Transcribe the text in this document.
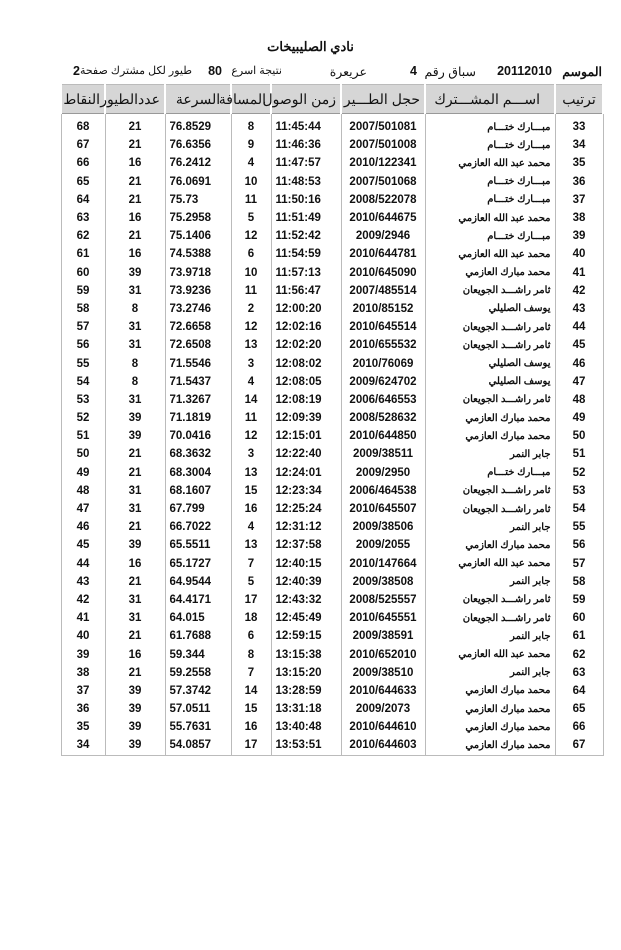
نادي الصليبيخات
الموسم
20112010
سباق رقم
4
عريعرة
نتيجة اسرع
80
طيور لكل مشترك صفحة
2
ترتيب	اســـم المشـــترك	حجل الطـــير	زمن الوصول	المسافة	السرعة	عددالطيور	النقاط
33	مبـــارك ختـــام	2007/501081	11:45:44	8	76.8529	21	68
34	مبـــارك ختـــام	2007/501008	11:46:36	9	76.6356	21	67
35	محمد عبد الله العازمي	2010/122341	11:47:57	4	76.2412	16	66
36	مبـــارك ختـــام	2007/501068	11:48:53	10	76.0691	21	65
37	مبـــارك ختـــام	2008/522078	11:50:16	11	75.73	21	64
38	محمد عبد الله العازمي	2010/644675	11:51:49	5	75.2958	16	63
39	مبـــارك ختـــام	2009/2946	11:52:42	12	75.1406	21	62
40	محمد عبد الله العازمي	2010/644781	11:54:59	6	74.5388	16	61
41	محمد مبارك العازمي	2010/645090	11:57:13	10	73.9718	39	60
42	ثامر راشـــد الجويعان	2007/485514	11:56:47	11	73.9236	31	59
43	يوسف الصليلي	2010/85152	12:00:20	2	73.2746	8	58
44	ثامر راشـــد الجويعان	2010/645514	12:02:16	12	72.6658	31	57
45	ثامر راشـــد الجويعان	2010/655532	12:02:20	13	72.6508	31	56
46	يوسف الصليلي	2010/76069	12:08:02	3	71.5546	8	55
47	يوسف الصليلي	2009/624702	12:08:05	4	71.5437	8	54
48	ثامر راشـــد الجويعان	2006/646553	12:08:19	14	71.3267	31	53
49	محمد مبارك العازمي	2008/528632	12:09:39	11	71.1819	39	52
50	محمد مبارك العازمي	2010/644850	12:15:01	12	70.0416	39	51
51	جابر النمر	2009/38511	12:22:40	3	68.3632	21	50
52	مبـــارك ختـــام	2009/2950	12:24:01	13	68.3004	21	49
53	ثامر راشـــد الجويعان	2006/464538	12:23:34	15	68.1607	31	48
54	ثامر راشـــد الجويعان	2010/645507	12:25:24	16	67.799	31	47
55	جابر النمر	2009/38506	12:31:12	4	66.7022	21	46
56	محمد مبارك العازمي	2009/2055	12:37:58	13	65.5511	39	45
57	محمد عبد الله العازمي	2010/147664	12:40:15	7	65.1727	16	44
58	جابر النمر	2009/38508	12:40:39	5	64.9544	21	43
59	ثامر راشـــد الجويعان	2008/525557	12:43:32	17	64.4171	31	42
60	ثامر راشـــد الجويعان	2010/645551	12:45:49	18	64.015	31	41
61	جابر النمر	2009/38591	12:59:15	6	61.7688	21	40
62	محمد عبد الله العازمي	2010/652010	13:15:38	8	59.344	16	39
63	جابر النمر	2009/38510	13:15:20	7	59.2558	21	38
64	محمد مبارك العازمي	2010/644633	13:28:59	14	57.3742	39	37
65	محمد مبارك العازمي	2009/2073	13:31:18	15	57.0511	39	36
66	محمد مبارك العازمي	2010/644610	13:40:48	16	55.7631	39	35
67	محمد مبارك العازمي	2010/644603	13:53:51	17	54.0857	39	34
